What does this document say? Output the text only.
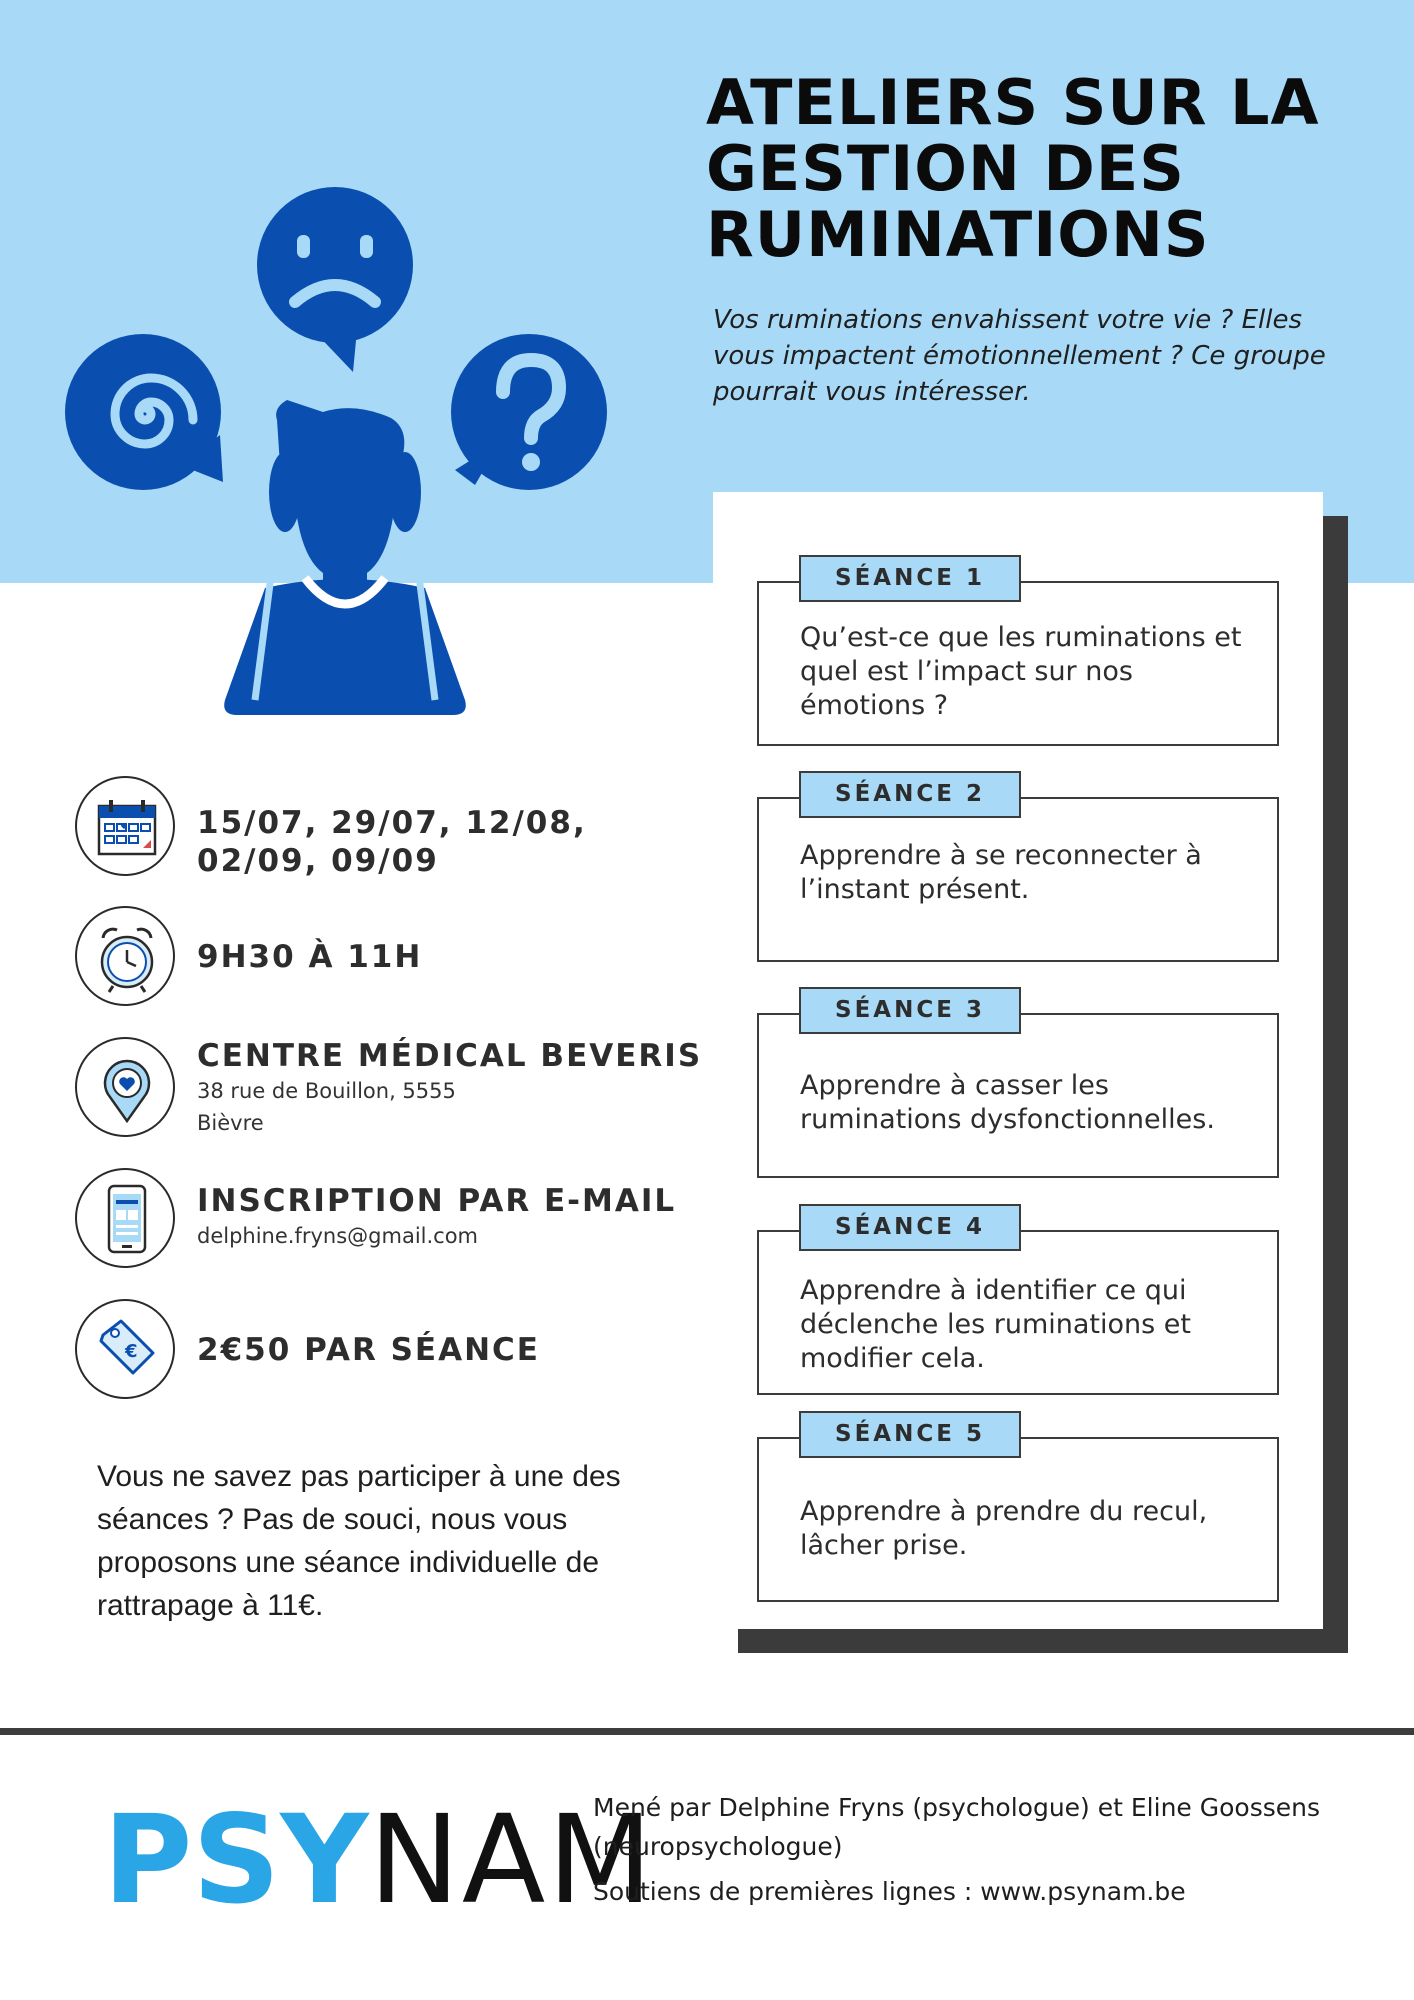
ATELIERS SUR LA
GESTION DES
RUMINATIONS
Vos ruminations envahissent votre vie ? Elles vous impactent émotionnellement ? Ce groupe pourrait vous intéresser.
15/07, 29/07, 12/08, 02/09, 09/09
9H30 À 11H
CENTRE MÉDICAL BEVERIS
38 rue de Bouillon, 5555
Bièvre
INSCRIPTION PAR E-MAIL
delphine.fryns@gmail.com
€ 2€50 PAR SÉANCE
Vous ne savez pas participer à une des séances ? Pas de souci, nous vous proposons une séance individuelle de rattrapage à 11€.
SÉANCE 1
Qu’est-ce que les ruminations et quel est l’impact sur nos émotions ?
SÉANCE 2
Apprendre à se reconnecter à l’instant présent.
SÉANCE 3
Apprendre à casser les ruminations dysfonctionnelles.
SÉANCE 4
Apprendre à identifier ce qui déclenche les ruminations et modifier cela.
SÉANCE 5
Apprendre à prendre du recul, lâcher prise.
PSYNAM
Mené par Delphine Fryns (psychologue) et Eline Goossens (neuropsychologue)
Soutiens de premières lignes : www.psynam.be
